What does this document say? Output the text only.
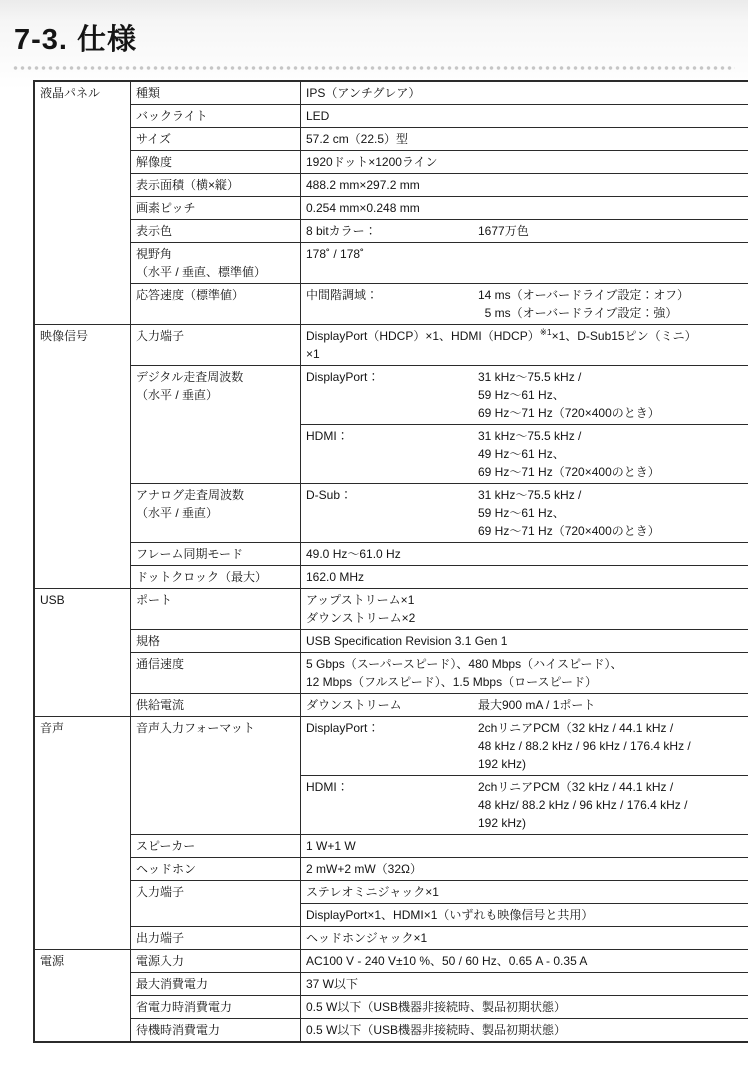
7-3. 仕様
液晶パネル	種類	IPS（アンチグレア）
	バックライト	LED
	サイズ	57.2 cm（22.5）型
	解像度	1920ドット×1200ライン
	表示面積（横×縦）	488.2 mm×297.2 mm
	画素ピッチ	0.254 mm×0.248 mm
	表示色	8 bitカラー： 1677万色

	視野角
（水平 / 垂直、標準値）	178˚ / 178˚
	応答速度（標準値）	中間階調域： 14 ms（オーバードライブ設定：オフ）
5 ms（オーバードライブ設定：強）

映像信号	入力端子	DisplayPort（HDCP）×1、HDMI（HDCP）$^{※1}$×1、D-Sub15ピン（ミニ）
×1
	デジタル走査周波数
（水平 / 垂直）	DisplayPort： 31 kHz～75.5 kHz /
59 Hz～61 Hz、
69 Hz～71 Hz（720×400のとき）

		HDMI： 31 kHz～75.5 kHz /
49 Hz～61 Hz、
69 Hz～71 Hz（720×400のとき）

	アナログ走査周波数
（水平 / 垂直）	D-Sub： 31 kHz～75.5 kHz /
59 Hz～61 Hz、
69 Hz～71 Hz（720×400のとき）

	フレーム同期モード	49.0 Hz～61.0 Hz
	ドットクロック（最大）	162.0 MHz
USB	ポート	アップストリーム×1
ダウンストリーム×2
	規格	USB Specification Revision 3.1 Gen 1
	通信速度	5 Gbps（スーパースピード）、480 Mbps（ハイスピード）、
12 Mbps（フルスピード）、1.5 Mbps（ロースピード）
	供給電流	ダウンストリーム 最大900 mA / 1ポート

音声	音声入力フォーマット	DisplayPort： 2chリニアPCM（32 kHz / 44.1 kHz /
48 kHz / 88.2 kHz / 96 kHz / 176.4 kHz /
192 kHz)

		HDMI： 2chリニアPCM（32 kHz / 44.1 kHz /
48 kHz/ 88.2 kHz / 96 kHz / 176.4 kHz /
192 kHz)

	スピーカー	1 W+1 W
	ヘッドホン	2 mW+2 mW（32Ω）
	入力端子	ステレオミニジャック×1
		DisplayPort×1、HDMI×1（いずれも映像信号と共用）
	出力端子	ヘッドホンジャック×1
電源	電源入力	AC100 V - 240 V±10 %、50 / 60 Hz、0.65 A - 0.35 A
	最大消費電力	37 W以下
	省電力時消費電力	0.5 W以下（USB機器非接続時、製品初期状態）
	待機時消費電力	0.5 W以下（USB機器非接続時、製品初期状態）
